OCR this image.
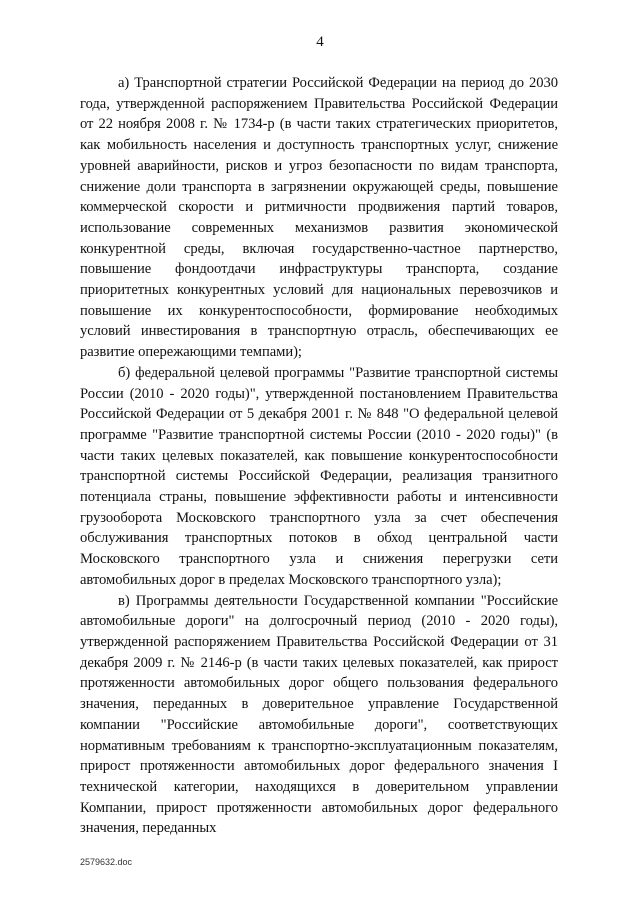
4

а) Транспортной стратегии Российской Федерации на период до 2030 года, утвержденной распоряжением Правительства Российской Федерации от 22 ноября 2008 г. № 1734-р (в части таких стратегических приоритетов, как мобильность населения и доступность транспортных услуг, снижение уровней аварийности, рисков и угроз безопасности по видам транспорта, снижение доли транспорта в загрязнении окружающей среды, повышение коммерческой скорости и ритмичности продвижения партий товаров, использование современных механизмов развития экономической конкурентной среды, включая государственно-частное партнерство, повышение фондоотдачи инфраструктуры транспорта, создание приоритетных конкурентных условий для национальных перевозчиков и повышение их конкурентоспособности, формирование необходимых условий инвестирования в транспортную отрасль, обеспечивающих ее развитие опережающими темпами);

б) федеральной целевой программы "Развитие транспортной системы России (2010 - 2020 годы)", утвержденной постановлением Правительства Российской Федерации от 5 декабря 2001 г. № 848 "О федеральной целевой программе "Развитие транспортной системы России (2010 - 2020 годы)" (в части таких целевых показателей, как повышение конкурентоспособности транспортной системы Российской Федерации, реализация транзитного потенциала страны, повышение эффективности работы и интенсивности грузооборота Московского транспортного узла за счет обеспечения обслуживания транспортных потоков в обход центральной части Московского транспортного узла и снижения перегрузки сети автомобильных дорог в пределах Московского транспортного узла);

в) Программы деятельности Государственной компании "Российские автомобильные дороги" на долгосрочный период (2010 - 2020 годы), утвержденной распоряжением Правительства Российской Федерации от 31 декабря 2009 г. № 2146-р (в части таких целевых показателей, как прирост протяженности автомобильных дорог общего пользования федерального значения, переданных в доверительное управление Государственной компании "Российские автомобильные дороги", соответствующих нормативным требованиям к транспортно-эксплуатационным показателям, прирост протяженности автомобильных дорог федерального значения I технической категории, находящихся в доверительном управлении Компании, прирост протяженности автомобильных дорог федерального значения, переданных

2579632.doc
